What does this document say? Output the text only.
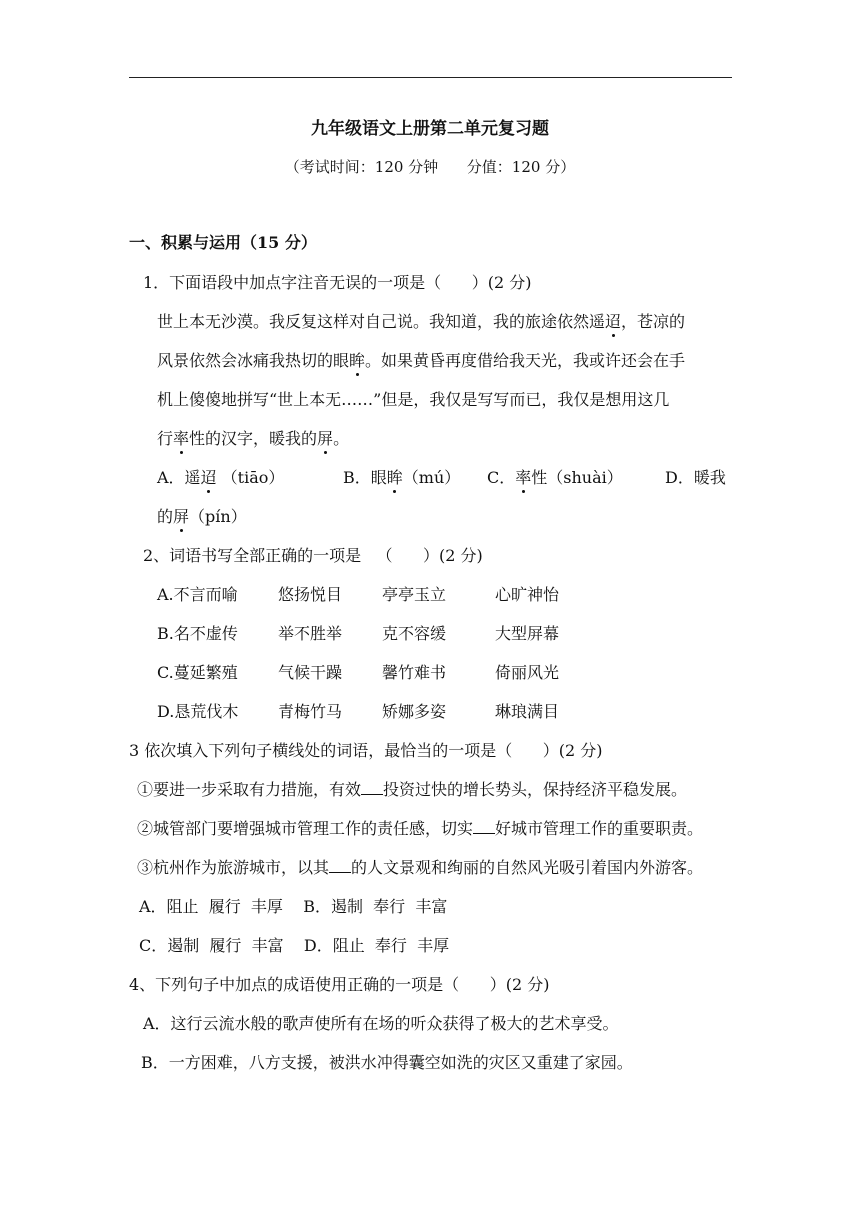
九年级语文上册第二单元复习题
（考试时间：120 分钟      分值：120 分）
一、积累与运用（15 分）
1．下面语段中加点字注音无误的一项是（      ）(2 分)
世上本无沙漠。我反复这样对自己说。我知道，我的旅途依然遥迢，苍凉的
风景依然会冰痛我热切的眼眸。如果黄昏再度借给我天光，我或许还会在手
机上傻傻地拼写“世上本无……”但是，我仅是写写而已，我仅是想用这几
行率性的汉字，暖我的屏。
A．遥迢 （tiāo）	B．眼眸（mú） C．率性（shuài）	D．暖我
的屏（pín）
2、词语书写全部正确的一项是   （      ）(2 分)
A.不言而喻	悠扬悦目 亭亭玉立	心旷神怡
B.名不虚传	举不胜举 克不容缓	大型屏幕
C.蔓延繁殖	气候干躁 馨竹难书	倚丽风光
D.恳荒伐木 青梅竹马 矫娜多姿	琳琅满目
3 依次填入下列句子横线处的词语，最恰当的一项是（      ）(2 分)
①要进一步采取有力措施，有效 投资过快的增长势头，保持经济平稳发展。
②城管部门要增强城市管理工作的责任感，切实 好城市管理工作的重要职责。
③杭州作为旅游城市，以其 的人文景观和绚丽的自然风光吸引着国内外游客。
A．阻止  履行  丰厚    B．遏制  奉行  丰富
C．遏制  履行  丰富    D．阻止  奉行  丰厚
4、下列句子中加点的成语使用正确的一项是（      ）(2 分)
A．这行云流水般的歌声使所有在场的听众获得了极大的艺术享受。
B．一方困难，八方支援，被洪水冲得囊空如洗的灾区又重建了家园。
